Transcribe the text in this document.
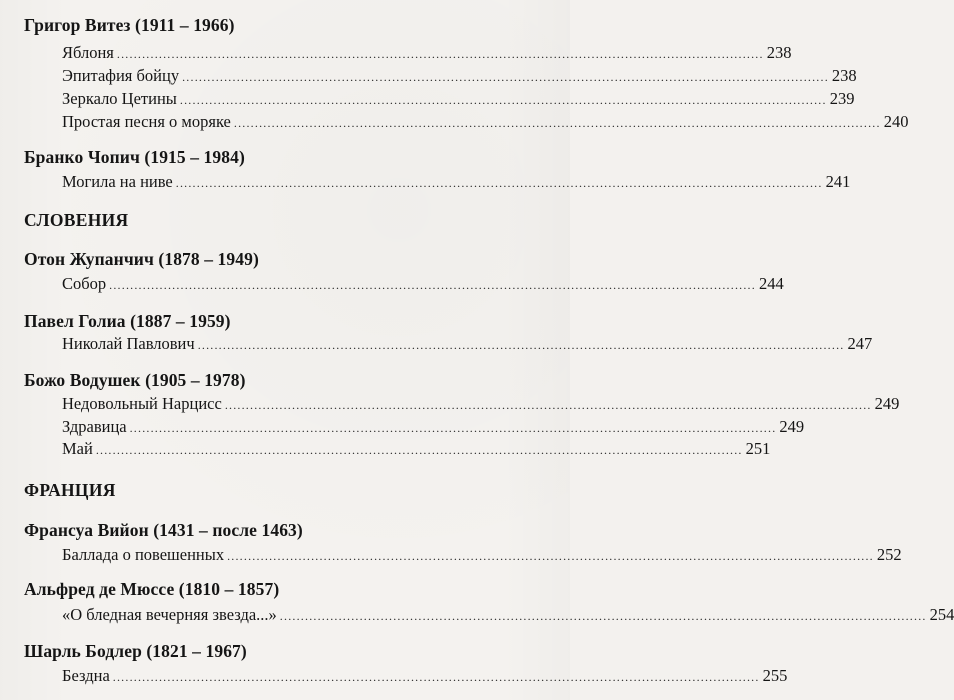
Григор Витез (1911 – 1966)
Яблоня .......................................................................................................................................................... 238
Эпитафия бойцу .......................................................................................................................................................... 238
Зеркало Цетины .......................................................................................................................................................... 239
Простая песня о моряке .......................................................................................................................................................... 240
Бранко Чопич (1915 – 1984)
Могила на ниве .......................................................................................................................................................... 241
СЛОВЕНИЯ
Отон Жупанчич (1878 – 1949)
Собор .......................................................................................................................................................... 244
Павел Голиа (1887 – 1959)
Николай Павлович .......................................................................................................................................................... 247
Божо Водушек (1905 – 1978)
Недовольный Нарцисс .......................................................................................................................................................... 249
Здравица .......................................................................................................................................................... 249
Май .......................................................................................................................................................... 251
ФРАНЦИЯ
Франсуа Вийон (1431 – после 1463)
Баллада о повешенных .......................................................................................................................................................... 252
Альфред де Мюссе (1810 – 1857)
«О бледная вечерняя звезда...» .......................................................................................................................................................... 254
Шарль Бодлер (1821 – 1967)
Бездна .......................................................................................................................................................... 255
